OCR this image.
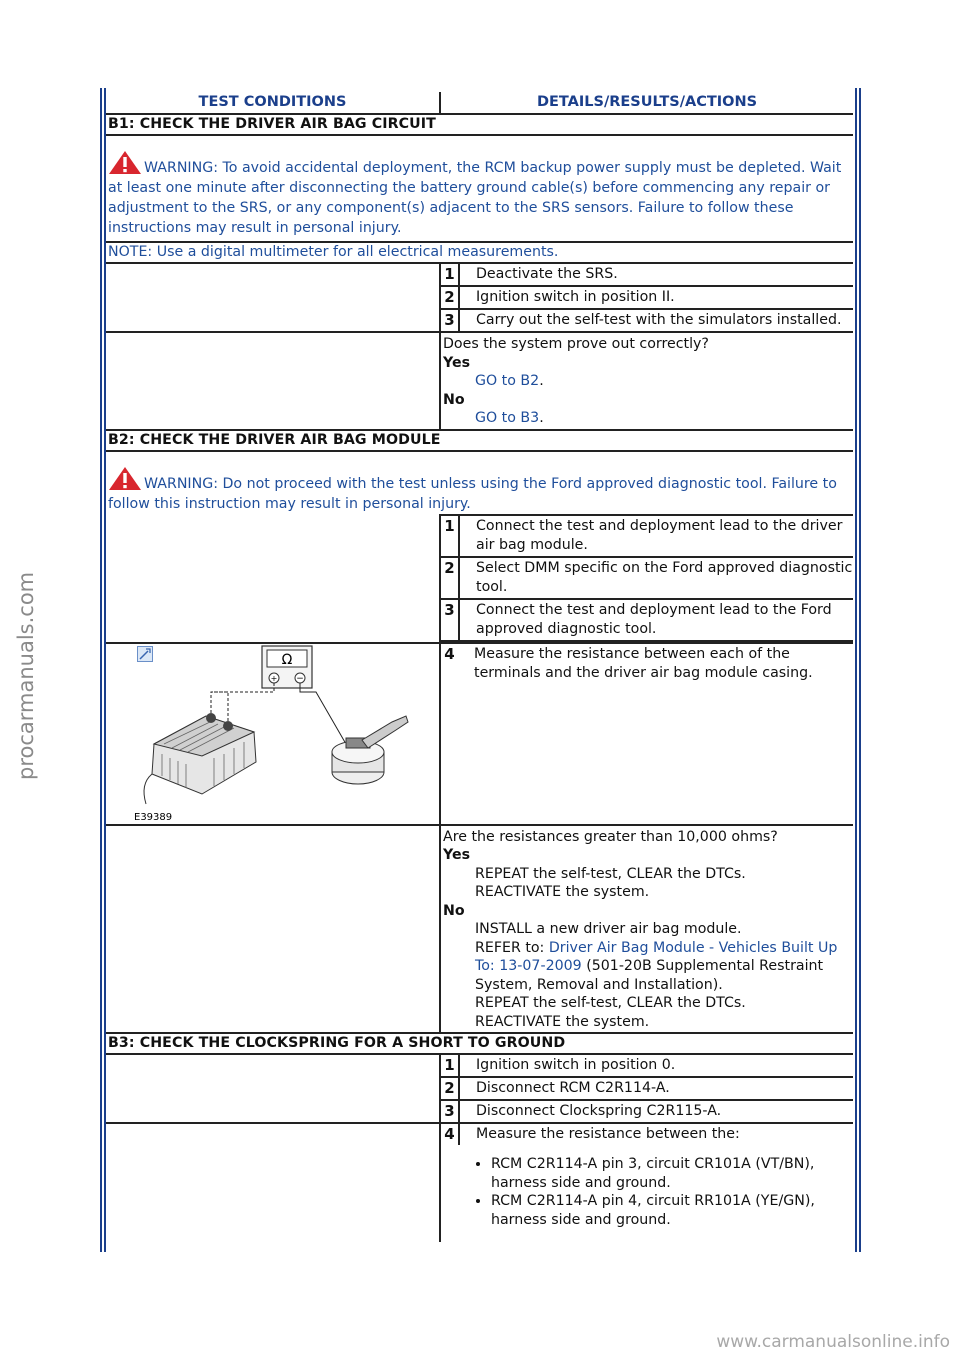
procarmanuals.com
www.carmanualsonline.info
TEST CONDITIONS	DETAILS/RESULTS/ACTIONS
B1: CHECK THE DRIVER AIR BAG CIRCUIT
WARNING: To avoid accidental deployment, the RCM backup power supply must be depleted. Wait at least one minute after disconnecting the battery ground cable(s) before commencing any repair or adjustment to the SRS, or any component(s) adjacent to the SRS sensors. Failure to follow these instructions may result in personal injury.
NOTE: Use a digital multimeter for all electrical measurements.
1	Deactivate the SRS.
2	Ignition switch in position II.
3	Carry out the self-test with the simulators installed.
Does the system prove out correctly?
Yes
GO to B2.
No
GO to B3.
B2: CHECK THE DRIVER AIR BAG MODULE
WARNING: Do not proceed with the test unless using the Ford approved diagnostic tool. Failure to follow this instruction may result in personal injury.
1	Connect the test and deployment lead to the driver air bag module.
2	Select DMM specific on the Ford approved diagnostic tool.
3	Connect the test and deployment lead to the Ford approved diagnostic tool.
Ω
+ −
E39389
4	Measure the resistance between each of the terminals and the driver air bag module casing.
Are the resistances greater than 10,000 ohms?
Yes
REPEAT the self-test, CLEAR the DTCs.
REACTIVATE the system.
No
INSTALL a new driver air bag module.
REFER to: Driver Air Bag Module - Vehicles Built Up To: 13-07-2009 (501-20B Supplemental Restraint System, Removal and Installation).
REPEAT the self-test, CLEAR the DTCs.
REACTIVATE the system.
B3: CHECK THE CLOCKSPRING FOR A SHORT TO GROUND
1	Ignition switch in position 0.
2	Disconnect RCM C2R114-A.
3	Disconnect Clockspring C2R115-A.
4	Measure the resistance between the:
• RCM C2R114-A pin 3, circuit CR101A (VT/BN), harness side and ground.
• RCM C2R114-A pin 4, circuit RR101A (YE/GN), harness side and ground.
